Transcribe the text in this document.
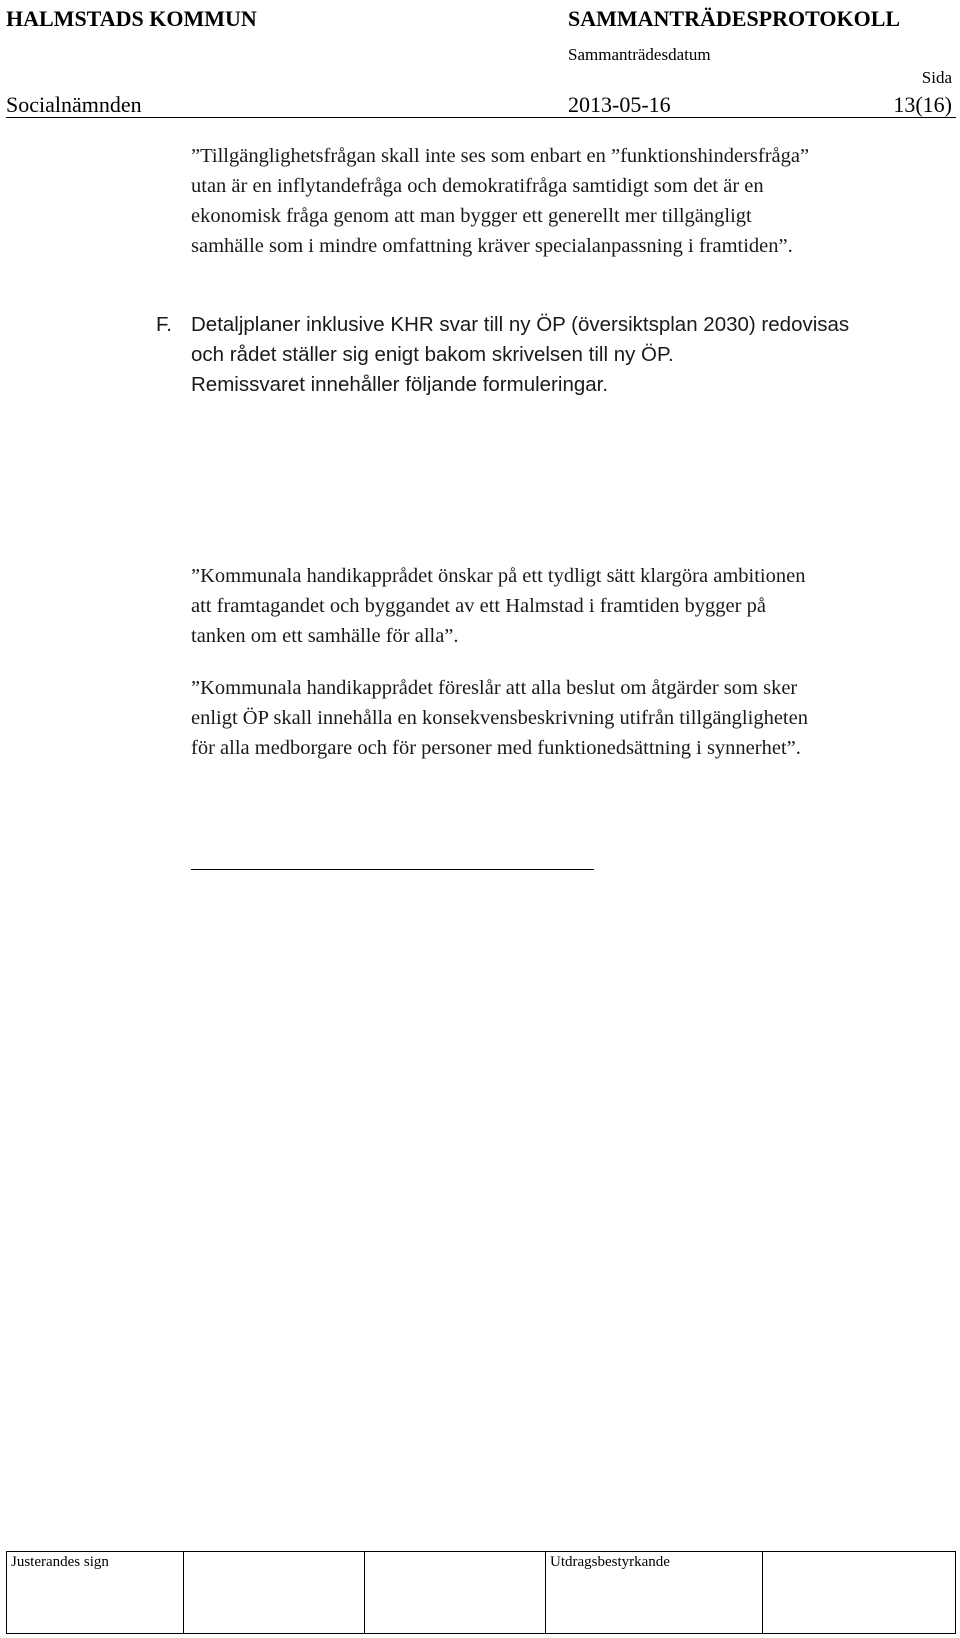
HALMSTADS KOMMUN	SAMMANTRÄDESPROTOKOLL
Sammanträdesdatum
Sida
Socialnämnden	2013-05-16	13(16)
F. Detaljplaner inklusive KHR svar till ny ÖP (översiktsplan 2030) redovisas
och rådet ställer sig enigt bakom skrivelsen till ny ÖP.
Remissvaret innehåller följande formuleringar.
”Tillgänglighetsfrågan skall inte ses som enbart en ”funktionshindersfråga”
utan är en inflytandefråga och demokratifråga samtidigt som det är en
ekonomisk fråga genom att man bygger ett generellt mer tillgängligt
samhälle som i mindre omfattning kräver specialanpassning i framtiden”.
”Kommunala handikapprådet önskar på ett tydligt sätt klargöra ambitionen
att framtagandet och byggandet av ett Halmstad i framtiden bygger på
tanken om ett samhälle för alla”.
”Kommunala handikapprådet föreslår att alla beslut om åtgärder som sker
enligt ÖP skall innehålla en konsekvensbeskrivning utifrån tillgängligheten
för alla medborgare och för personer med funktionedsättning i synnerhet”.
Justerandes sign			Utdragsbestyrkande	
